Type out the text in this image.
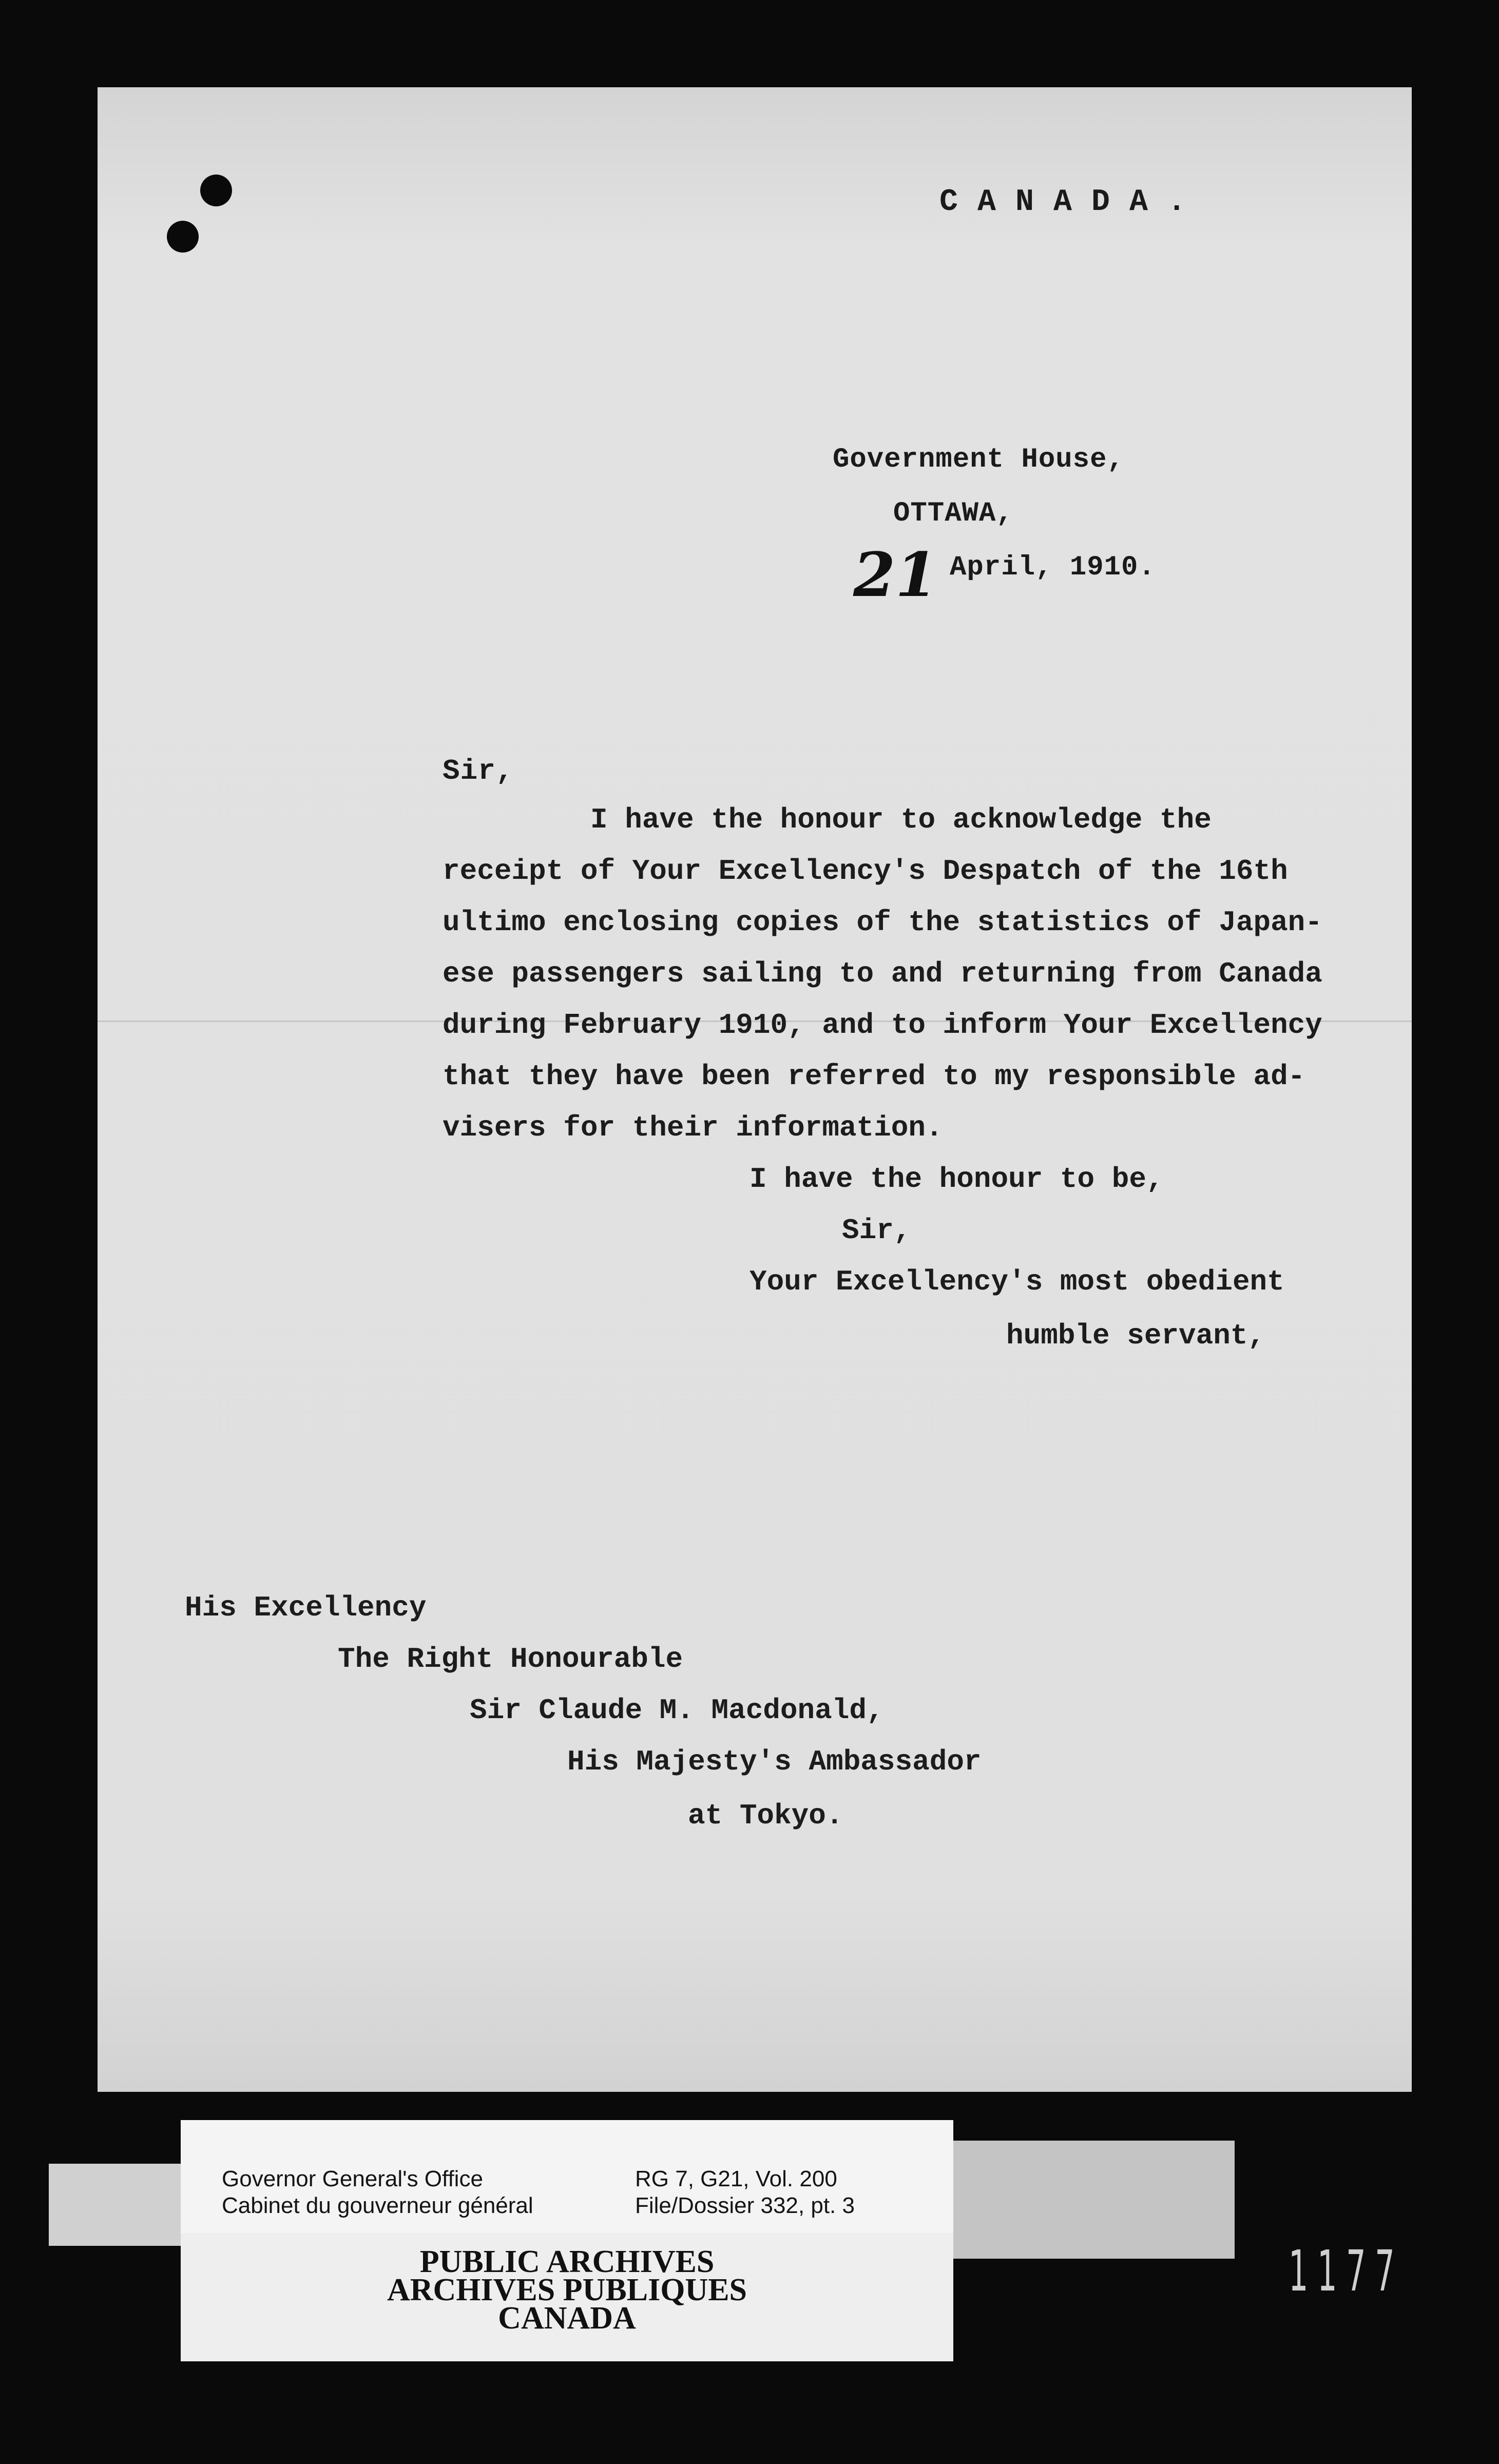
C A N A D A .
Government House,
OTTAWA,
21 April, 1910.
Sir,
I have the honour to acknowledge the
receipt of Your Excellency's Despatch of the 16th
ultimo enclosing copies of the statistics of Japan-
ese passengers sailing to and returning from Canada
during February 1910, and to inform Your Excellency
that they have been referred to my responsible ad-
visers for their information.
I have the honour to be,
Sir,
Your Excellency's most obedient
humble servant,
His Excellency
The Right Honourable
Sir Claude M. Macdonald,
His Majesty's Ambassador
at Tokyo.
Governor General's Office
Cabinet du gouverneur général
RG 7, G21, Vol. 200
File/Dossier 332, pt. 3
PUBLIC ARCHIVES
ARCHIVES PUBLIQUES
CANADA
1177
